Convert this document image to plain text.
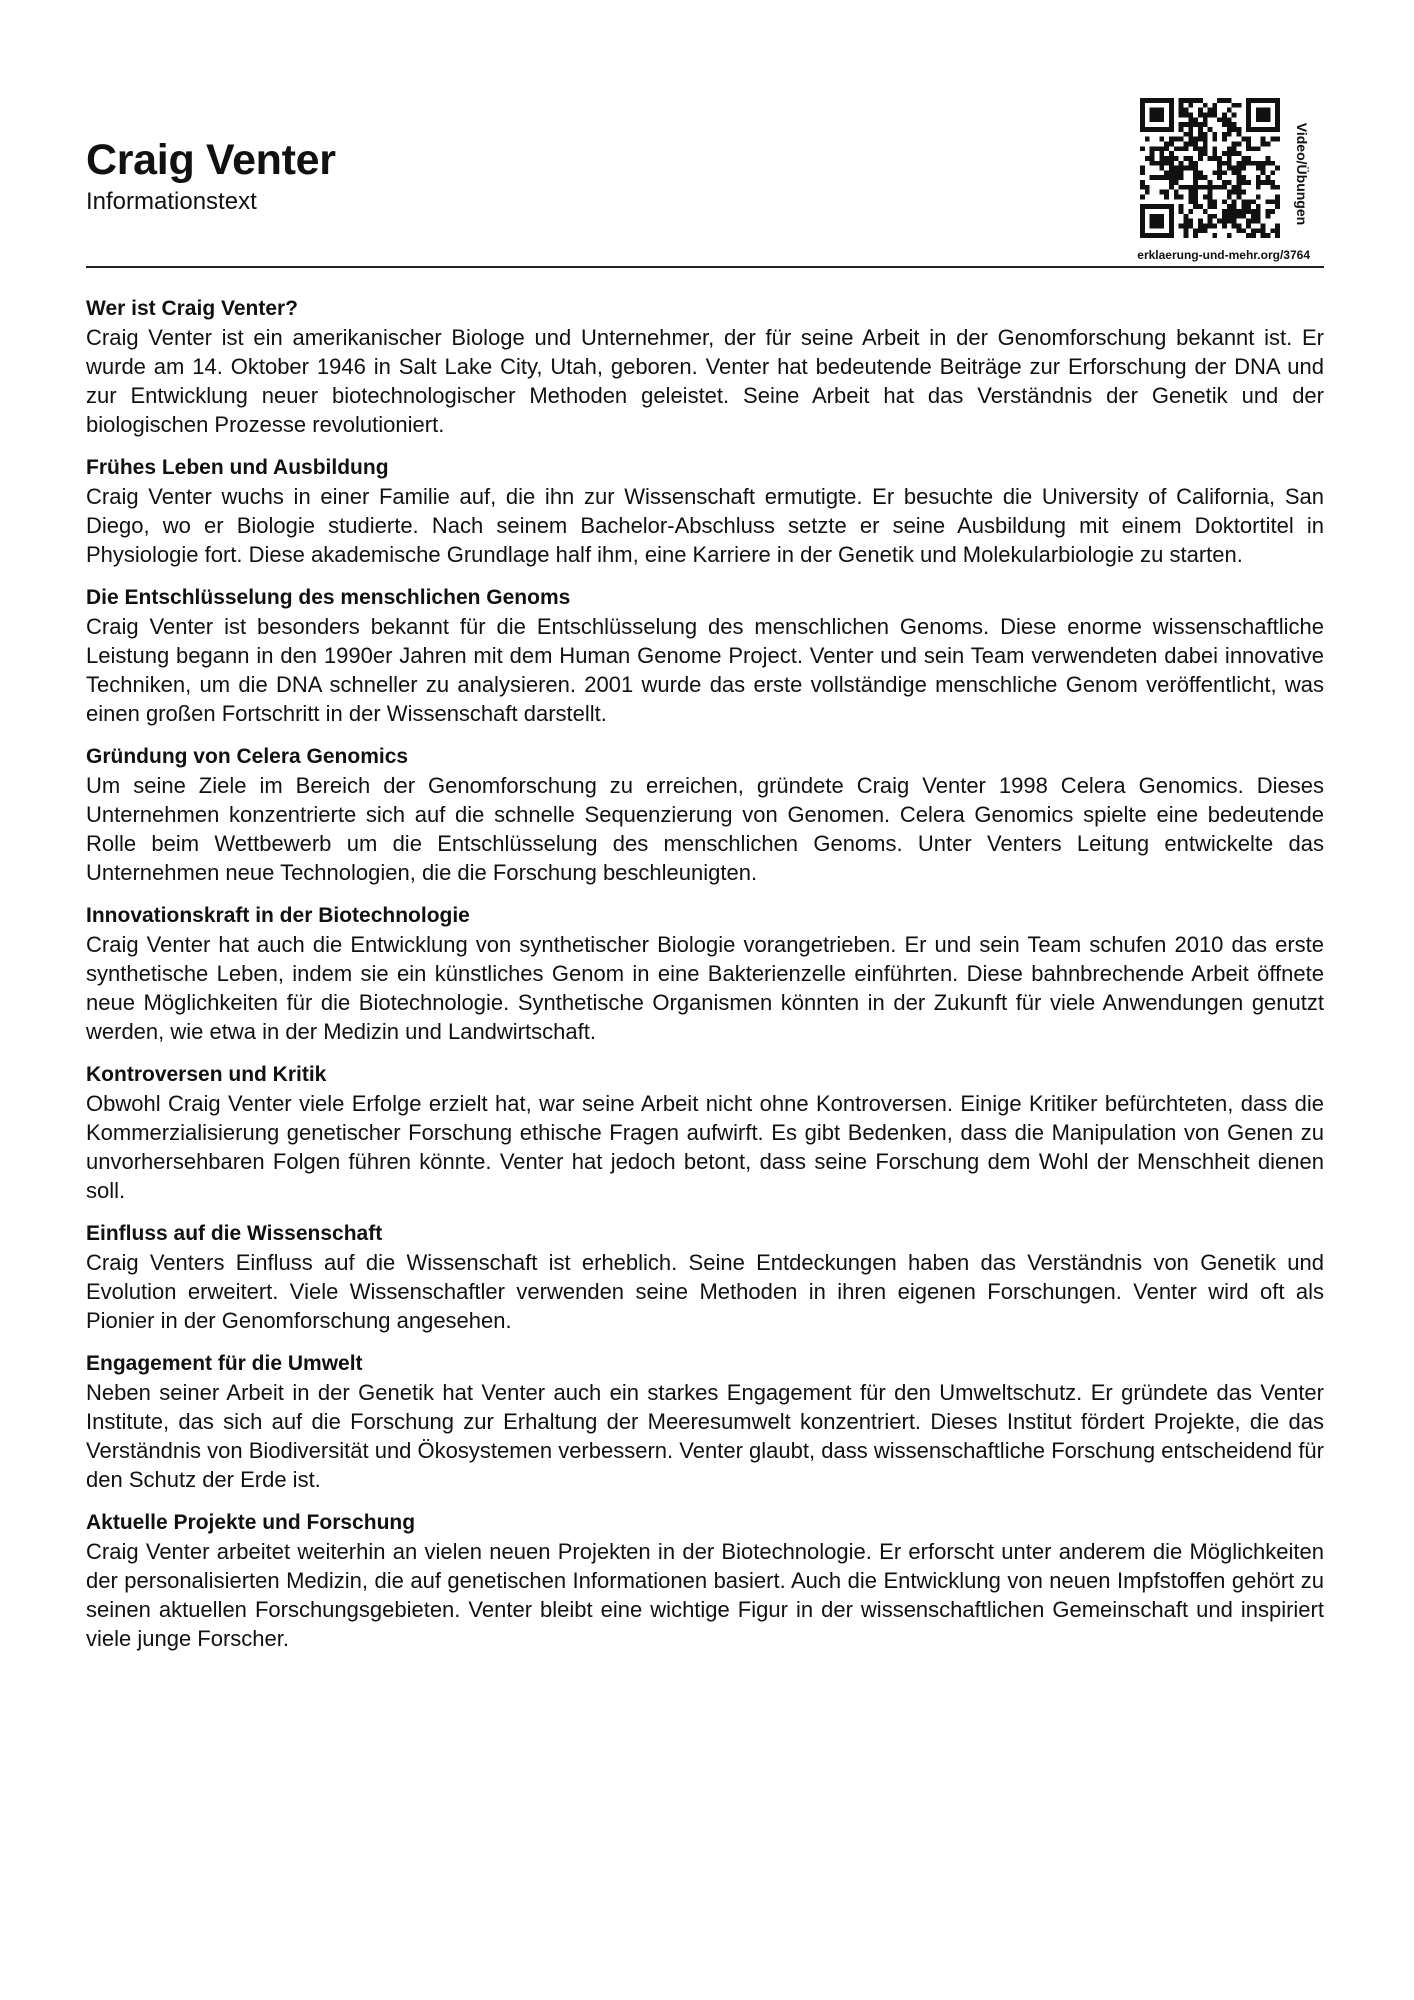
Craig Venter
Informationstext	Video/Übungen
erklaerung-und-mehr.org/3764
Wer ist Craig Venter?

Craig Venter ist ein amerikanischer Biologe und Unternehmer, der für seine Arbeit in der Genomforschung bekannt ist. Er wurde am 14. Oktober 1946 in Salt Lake City, Utah, geboren. Venter hat bedeutende Beiträge zur Erforschung der DNA und zur Entwicklung neuer biotechnologischer Methoden geleistet. Seine Arbeit hat das Verständnis der Genetik und der biologischen Prozesse revolutioniert.

Frühes Leben und Ausbildung

Craig Venter wuchs in einer Familie auf, die ihn zur Wissenschaft ermutigte. Er besuchte die University of California, San Diego, wo er Biologie studierte. Nach seinem Bachelor-Abschluss setzte er seine Ausbildung mit einem Doktortitel in Physiologie fort. Diese akademische Grundlage half ihm, eine Karriere in der Genetik und Molekularbiologie zu starten.

Die Entschlüsselung des menschlichen Genoms

Craig Venter ist besonders bekannt für die Entschlüsselung des menschlichen Genoms. Diese enorme wissenschaftliche Leistung begann in den 1990er Jahren mit dem Human Genome Project. Venter und sein Team verwendeten dabei innovative Techniken, um die DNA schneller zu analysieren. 2001 wurde das erste vollständige menschliche Genom veröffentlicht, was einen großen Fortschritt in der Wissenschaft darstellt.

Gründung von Celera Genomics

Um seine Ziele im Bereich der Genomforschung zu erreichen, gründete Craig Venter 1998 Celera Genomics. Dieses Unternehmen konzentrierte sich auf die schnelle Sequenzierung von Genomen. Celera Genomics spielte eine bedeutende Rolle beim Wettbewerb um die Entschlüsselung des menschlichen Genoms. Unter Venters Leitung entwickelte das Unternehmen neue Technologien, die die Forschung beschleunigten.

Innovationskraft in der Biotechnologie

Craig Venter hat auch die Entwicklung von synthetischer Biologie vorangetrieben. Er und sein Team schufen 2010 das erste synthetische Leben, indem sie ein künstliches Genom in eine Bakterienzelle einführten. Diese bahnbrechende Arbeit öffnete neue Möglichkeiten für die Biotechnologie. Synthetische Organismen könnten in der Zukunft für viele Anwendungen genutzt werden, wie etwa in der Medizin und Landwirtschaft.

Kontroversen und Kritik

Obwohl Craig Venter viele Erfolge erzielt hat, war seine Arbeit nicht ohne Kontroversen. Einige Kritiker befürchteten, dass die Kommerzialisierung genetischer Forschung ethische Fragen aufwirft. Es gibt Bedenken, dass die Manipulation von Genen zu unvorhersehbaren Folgen führen könnte. Venter hat jedoch betont, dass seine Forschung dem Wohl der Menschheit dienen soll.

Einfluss auf die Wissenschaft

Craig Venters Einfluss auf die Wissenschaft ist erheblich. Seine Entdeckungen haben das Verständnis von Genetik und Evolution erweitert. Viele Wissenschaftler verwenden seine Methoden in ihren eigenen Forschungen. Venter wird oft als Pionier in der Genomforschung angesehen.

Engagement für die Umwelt

Neben seiner Arbeit in der Genetik hat Venter auch ein starkes Engagement für den Umweltschutz. Er gründete das Venter Institute, das sich auf die Forschung zur Erhaltung der Meeresumwelt konzentriert. Dieses Institut fördert Projekte, die das Verständnis von Biodiversität und Ökosystemen verbessern. Venter glaubt, dass wissenschaftliche Forschung entscheidend für den Schutz der Erde ist.

Aktuelle Projekte und Forschung

Craig Venter arbeitet weiterhin an vielen neuen Projekten in der Biotechnologie. Er erforscht unter anderem die Möglichkeiten der personalisierten Medizin, die auf genetischen Informationen basiert. Auch die Entwicklung von neuen Impfstoffen gehört zu seinen aktuellen Forschungsgebieten. Venter bleibt eine wichtige Figur in der wissenschaftlichen Gemeinschaft und inspiriert viele junge Forscher.
